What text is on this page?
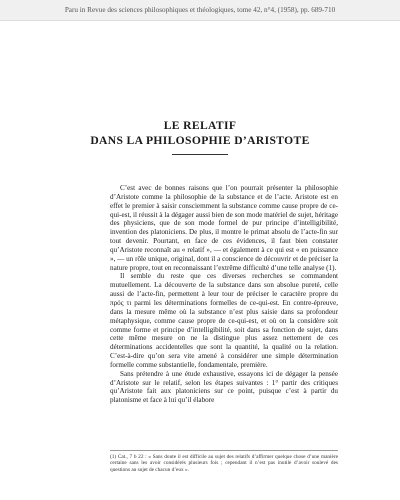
Paru in Revue des sciences philosophiques et théologiques, tome 42, n°4, (1958), pp. 689-710
LE RELATIF
DANS LA PHILOSOPHIE D’ARISTOTE

C’est avec de bonnes raisons que l’on pourrait présenter la philosophie d’Aristote comme la philosophie de la substance et de l’acte. Aristote est en effet le premier à saisir consciemment la substance comme cause propre de ce-qui-est, il réussit à la dégager aussi bien de son mode matériel de sujet, héritage des physiciens, que de son mode formel de pur principe d’intelligibilité, invention des platoniciens. De plus, il montre le primat absolu de l’acte-fin sur tout devenir. Pourtant, en face de ces évidences, il faut bien constater qu’Aristote reconnaît au « relatif », — et également à ce qui est « en puissance », — un rôle unique, original, dont il a conscience de découvrir et de préciser la nature propre, tout en reconnaissant l’extrême difficulté d’une telle analyse (1).

Il semble du reste que ces diverses recherches se commandent mutuellement. La découverte de la substance dans son absolue pureté, celle aussi de l’acte-fin, permettent à leur tour de préciser le caractère propre du πρός τι parmi les déterminations formelles de ce-qui-est. En contre-épreuve, dans la mesure même où la substance n’est plus saisie dans sa profondeur métaphysique, comme cause propre de ce-qui-est, et où on la considère soit comme forme et principe d’intelligibilité, soit dans sa fonction de sujet, dans cette même mesure on ne la distingue plus assez nettement de ces déterminations accidentelles que sont la quantité, la qualité ou la relation. C’est-à-dire qu’on sera vite amené à considérer une simple détermination formelle comme substantielle, fondamentale, première.

Sans prétendre à une étude exhaustive, essayons ici de dégager la pensée d’Aristote sur le relatif, selon les étapes suivantes : 1° partir des critiques qu’Aristote fait aux platoniciens sur ce point, puisque c’est à partir du platonisme et face à lui qu’il élabore

(1) Cat., 7 b 22 : « Sans doute il est difficile au sujet des relatifs d’affirmer quelque chose d’une manière certaine sans les avoir considérés plusieurs fois ; cependant il n’est pas inutile d’avoir soulevé des questions au sujet de chacun d’eux ».
